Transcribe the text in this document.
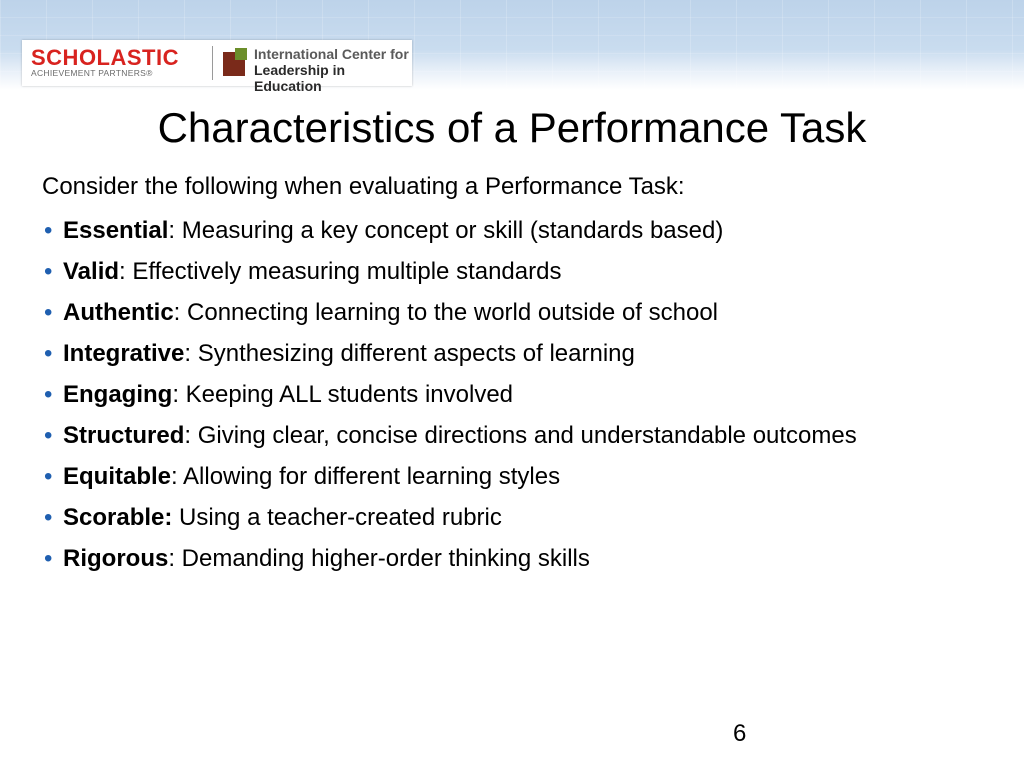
SCHOLASTIC
ACHIEVEMENT PARTNERS®
International Center for
Leadership in Education
Characteristics of a Performance Task
Consider the following when evaluating a Performance Task:
• Essential: Measuring a key concept or skill (standards based)
• Valid: Effectively measuring multiple standards
• Authentic: Connecting learning to the world outside of school
• Integrative: Synthesizing different aspects of learning
• Engaging: Keeping ALL students involved
• Structured: Giving clear, concise directions and understandable outcomes
• Equitable: Allowing for different learning styles
• Scorable: Using a teacher-created rubric
• Rigorous: Demanding higher-order thinking skills
6
